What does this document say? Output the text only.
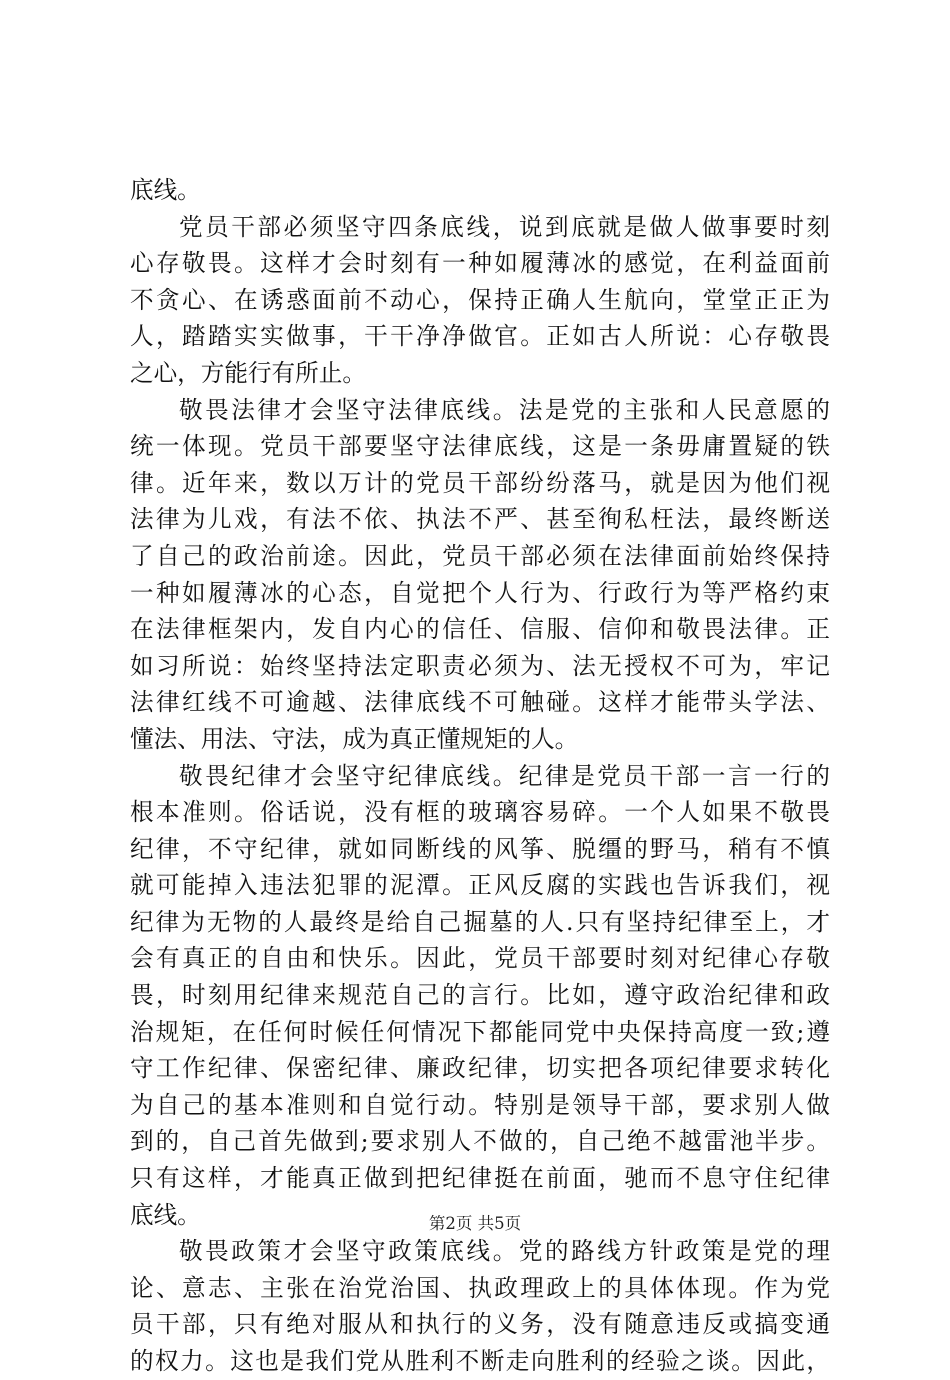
底线。
党员干部必须坚守四条底线，说到底就是做人做事要时刻
心存敬畏。这样才会时刻有一种如履薄冰的感觉，在利益面前
不贪心、在诱惑面前不动心，保持正确人生航向，堂堂正正为
人，踏踏实实做事，干干净净做官。正如古人所说：心存敬畏
之心，方能行有所止。
敬畏法律才会坚守法律底线。法是党的主张和人民意愿的
统一体现。党员干部要坚守法律底线，这是一条毋庸置疑的铁
律。近年来，数以万计的党员干部纷纷落马，就是因为他们视
法律为儿戏，有法不依、执法不严、甚至徇私枉法，最终断送
了自己的政治前途。因此，党员干部必须在法律面前始终保持
一种如履薄冰的心态，自觉把个人行为、行政行为等严格约束
在法律框架内，发自内心的信任、信服、信仰和敬畏法律。正
如习所说：始终坚持法定职责必须为、法无授权不可为，牢记
法律红线不可逾越、法律底线不可触碰。这样才能带头学法、
懂法、用法、守法，成为真正懂规矩的人。
敬畏纪律才会坚守纪律底线。纪律是党员干部一言一行的
根本准则。俗话说，没有框的玻璃容易碎。一个人如果不敬畏
纪律，不守纪律，就如同断线的风筝、脱缰的野马，稍有不慎
就可能掉入违法犯罪的泥潭。正风反腐的实践也告诉我们，视
纪律为无物的人最终是给自己掘墓的人.只有坚持纪律至上，才
会有真正的自由和快乐。因此，党员干部要时刻对纪律心存敬
畏，时刻用纪律来规范自己的言行。比如，遵守政治纪律和政
治规矩，在任何时候任何情况下都能同党中央保持高度一致;遵
守工作纪律、保密纪律、廉政纪律，切实把各项纪律要求转化
为自己的基本准则和自觉行动。特别是领导干部，要求别人做
到的，自己首先做到;要求别人不做的，自己绝不越雷池半步。
只有这样，才能真正做到把纪律挺在前面，驰而不息守住纪律
底线。
敬畏政策才会坚守政策底线。党的路线方针政策是党的理
论、意志、主张在治党治国、执政理政上的具体体现。作为党
员干部，只有绝对服从和执行的义务，没有随意违反或搞变通
的权力。这也是我们党从胜利不断走向胜利的经验之谈。因此，
第2页 共5页
